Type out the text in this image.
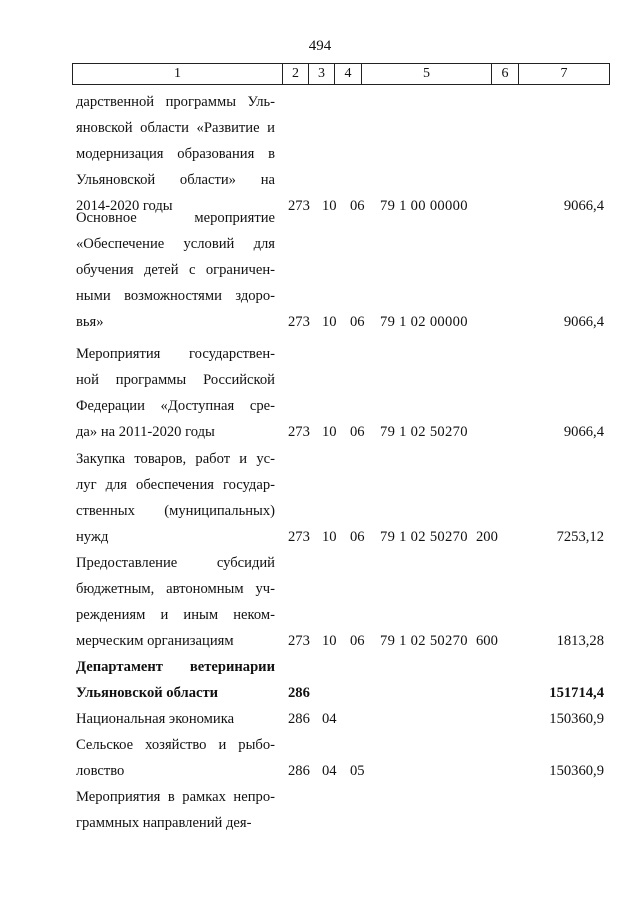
494
1	2	3	4	5	6	7
дарственной программы Уль-
яновской области «Развитие и
модернизация образования в
Ульяновской области» на
2014-2020 годы	273 10 06 79 1 00 00000	9066,4
Основное мероприятие
«Обеспечение условий для
обучения детей с ограничен-
ными возможностями здоро-
вья»	273 10 06 79 1 02 00000	9066,4
Мероприятия государствен-
ной программы Российской
Федерации «Доступная сре-
да» на 2011-2020 годы	273 10 06 79 1 02 50270	9066,4
Закупка товаров, работ и ус-
луг для обеспечения государ-
ственных (муниципальных)
нужд	273 10 06 79 1 02 50270 200	7253,12
Предоставление субсидий
бюджетным, автономным уч-
реждениям и иным неком-
мерческим организациям	273 10 06 79 1 02 50270 600	1813,28
Департамент ветеринарии
Ульяновской области	286	151714,4
Национальная экономика	286 04	150360,9
Сельское хозяйство и рыбо-
ловство	286 04 05	150360,9
Мероприятия в рамках непро-
граммных направлений дея-
